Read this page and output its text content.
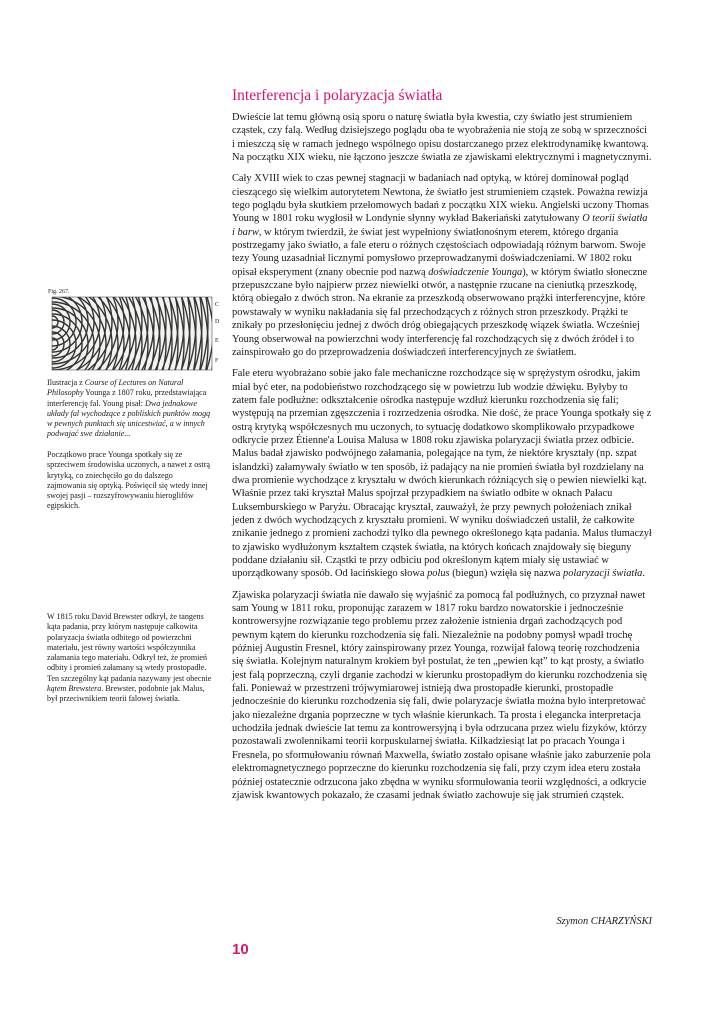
Interferencja i polaryzacja światła

Dwieście lat temu główną osią sporu o naturę światła była kwestia, czy światło jest strumieniem cząstek, czy falą. Według dzisiejszego poglądu oba te wyobrażenia nie stoją ze sobą w sprzeczności i mieszczą się w ramach jednego wspólnego opisu dostarczanego przez elektrodynamikę kwantową. Na początku XIX wieku, nie łączono jeszcze światła ze zjawiskami elektrycznymi i magnetycznymi.

Cały XVIII wiek to czas pewnej stagnacji w badaniach nad optyką, w której dominował pogląd cieszącego się wielkim autorytetem Newtona, że światło jest strumieniem cząstek. Poważna rewizja tego poglądu była skutkiem przełomowych badań z początku XIX wieku. Angielski uczony Thomas Young w 1801 roku wygłosił w Londynie słynny wykład Bakeriański zatytułowany O teorii światła i barw, w którym twierdził, że świat jest wypełniony światłonośnym eterem, którego drgania postrzegamy jako światło, a fale eteru o różnych częstościach odpowiadają różnym barwom. Swoje tezy Young uzasadniał licznymi pomysłowo przeprowadzanymi doświadczeniami. W 1802 roku opisał eksperyment (znany obecnie pod nazwą doświadczenie Younga), w którym światło słoneczne przepuszczane było najpierw przez niewielki otwór, a następnie rzucane na cieniutką przeszkodę, którą obiegało z dwóch stron. Na ekranie za przeszkodą obserwowano prążki interferencyjne, które powstawały w wyniku nakładania się fal przechodzących z różnych stron przeszkody. Prążki te znikały po przesłonięciu jednej z dwóch dróg obiegających przeszkodę wiązek światła. Wcześniej Young obserwował na powierzchni wody interferencję fal rozchodzących się z dwóch źródeł i to zainspirowało go do przeprowadzenia doświadczeń interferencyjnych ze światłem.

Fale eteru wyobrażano sobie jako fale mechaniczne rozchodzące się w sprężystym ośrodku, jakim miał być eter, na podobieństwo rozchodzącego się w powietrzu lub wodzie dźwięku. Byłyby to zatem fale podłużne: odkształcenie ośrodka następuje wzdłuż kierunku rozchodzenia się fali; występują na przemian zgęszczenia i rozrzedzenia ośrodka. Nie dość, że prace Younga spotkały się z ostrą krytyką współczesnych mu uczonych, to sytuację dodatkowo skomplikowało przypadkowe odkrycie przez Étienne'a Louisa Malusa w 1808 roku zjawiska polaryzacji światła przez odbicie. Malus badał zjawisko podwójnego załamania, polegające na tym, że niektóre kryształy (np. szpat islandzki) załamywały światło w ten sposób, iż padający na nie promień światła był rozdzielany na dwa promienie wychodzące z kryształu w dwóch kierunkach różniących się o pewien niewielki kąt. Właśnie przez taki kryształ Malus spojrzał przypadkiem na światło odbite w oknach Pałacu Luksemburskiego w Paryżu. Obracając kryształ, zauważył, że przy pewnych położeniach znikał jeden z dwóch wychodzących z kryształu promieni. W wyniku doświadczeń ustalił, że całkowite znikanie jednego z promieni zachodzi tylko dla pewnego określonego kąta padania. Malus tłumaczył to zjawisko wydłużonym kształtem cząstek światła, na których końcach znajdowały się bieguny poddane działaniu sił. Cząstki te przy odbiciu pod określonym kątem miały się ustawiać w uporządkowany sposób. Od łacińskiego słowa polus (biegun) wzięła się nazwa polaryzacji światła.

Zjawiska polaryzacji światła nie dawało się wyjaśnić za pomocą fal podłużnych, co przyznał nawet sam Young w 1811 roku, proponując zarazem w 1817 roku bardzo nowatorskie i jednocześnie kontrowersyjne rozwiązanie tego problemu przez założenie istnienia drgań zachodzących pod pewnym kątem do kierunku rozchodzenia się fali. Niezależnie na podobny pomysł wpadł trochę później Augustin Fresnel, który zainspirowany przez Younga, rozwijał falową teorię rozchodzenia się światła. Kolejnym naturalnym krokiem był postulat, że ten „pewien kąt” to kąt prosty, a światło jest falą poprzeczną, czyli drganie zachodzi w kierunku prostopadłym do kierunku rozchodzenia się fali. Ponieważ w przestrzeni trójwymiarowej istnieją dwa prostopadłe kierunki, prostopadłe jednocześnie do kierunku rozchodzenia się fali, dwie polaryzacje światła można było interpretować jako niezależne drgania poprzeczne w tych właśnie kierunkach. Ta prosta i elegancka interpretacja uchodziła jednak dwieście lat temu za kontrowersyjną i była odrzucana przez wielu fizyków, którzy pozostawali zwolennikami teorii korpuskularnej światła. Kilkadziesiąt lat po pracach Younga i Fresnela, po sformułowaniu równań Maxwella, światło zostało opisane właśnie jako zaburzenie pola elektromagnetycznego poprzeczne do kierunku rozchodzenia się fali, przy czym idea eteru została później ostatecznie odrzucona jako zbędna w wyniku sformułowania teorii względności, a odkrycie zjawisk kwantowych pokazało, że czasami jednak światło zachowuje się jak strumień cząstek.

Szymon CHARZYŃSKI

10

Fig. 267.
C
D
E
F

Ilustracja z Course of Lectures on Natural Philosophy Younga z 1807 roku, przedstawiająca interferencję fal. Young pisał: Dwa jednakowe układy fal wychodzące z pobliskich punktów mogą w pewnych punktach się unicestwiać, a w innych podwajać swe działanie...

Początkowo prace Younga spotkały się ze sprzeciwem środowiska uczonych, a nawet z ostrą krytyką, co zniechęciło go do dalszego zajmowania się optyką. Poświęcił się wtedy innej swojej pasji – rozszyfrowywaniu hieroglifów egipskich.

W 1815 roku David Brewster odkrył, że tangens kąta padania, przy którym następuje całkowita polaryzacja światła odbitego od powierzchni materiału, jest równy wartości współczynnika załamania tego materiału. Odkrył też, że promień odbity i promień załamany są wtedy prostopadłe. Ten szczególny kąt padania nazywany jest obecnie kątem Brewstera. Brewster, podobnie jak Malus, był przeciwnikiem teorii falowej światła.
